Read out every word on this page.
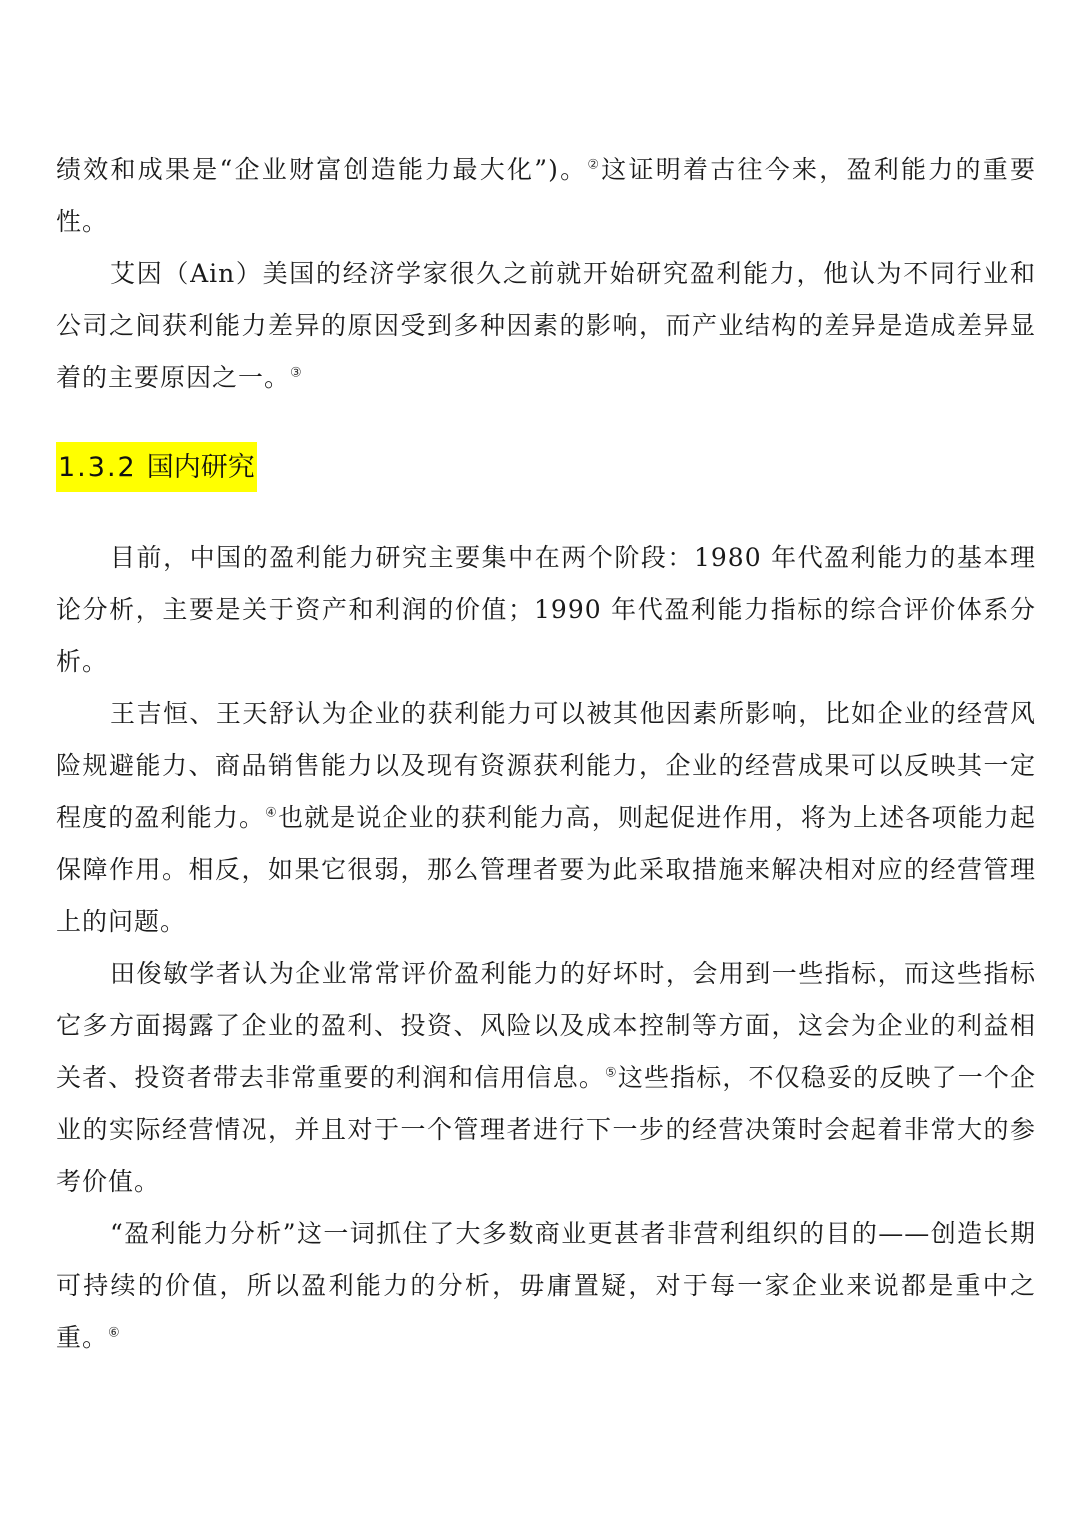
绩效和成果是“企业财富创造能力最大化”)。②这证明着古往今来，盈利能力的重要性。

艾因（Ain）美国的经济学家很久之前就开始研究盈利能力，他认为不同行业和公司之间获利能力差异的原因受到多种因素的影响，而产业结构的差异是造成差异显着的主要原因之一。③

1.3.2 国内研究

目前，中国的盈利能力研究主要集中在两个阶段：1980 年代盈利能力的基本理论分析，主要是关于资产和利润的价值；1990 年代盈利能力指标的综合评价体系分析。

王吉恒、王天舒认为企业的获利能力可以被其他因素所影响，比如企业的经营风险规避能力、商品销售能力以及现有资源获利能力，企业的经营成果可以反映其一定程度的盈利能力。④也就是说企业的获利能力高，则起促进作用，将为上述各项能力起保障作用。相反，如果它很弱，那么管理者要为此采取措施来解决相对应的经营管理上的问题。

田俊敏学者认为企业常常评价盈利能力的好坏时，会用到一些指标，而这些指标它多方面揭露了企业的盈利、投资、风险以及成本控制等方面，这会为企业的利益相关者、投资者带去非常重要的利润和信用信息。⑤这些指标，不仅稳妥的反映了一个企业的实际经营情况，并且对于一个管理者进行下一步的经营决策时会起着非常大的参考价值。

“盈利能力分析”这一词抓住了大多数商业更甚者非营利组织的目的——创造长期可持续的价值，所以盈利能力的分析，毋庸置疑，对于每一家企业来说都是重中之重。⑥
